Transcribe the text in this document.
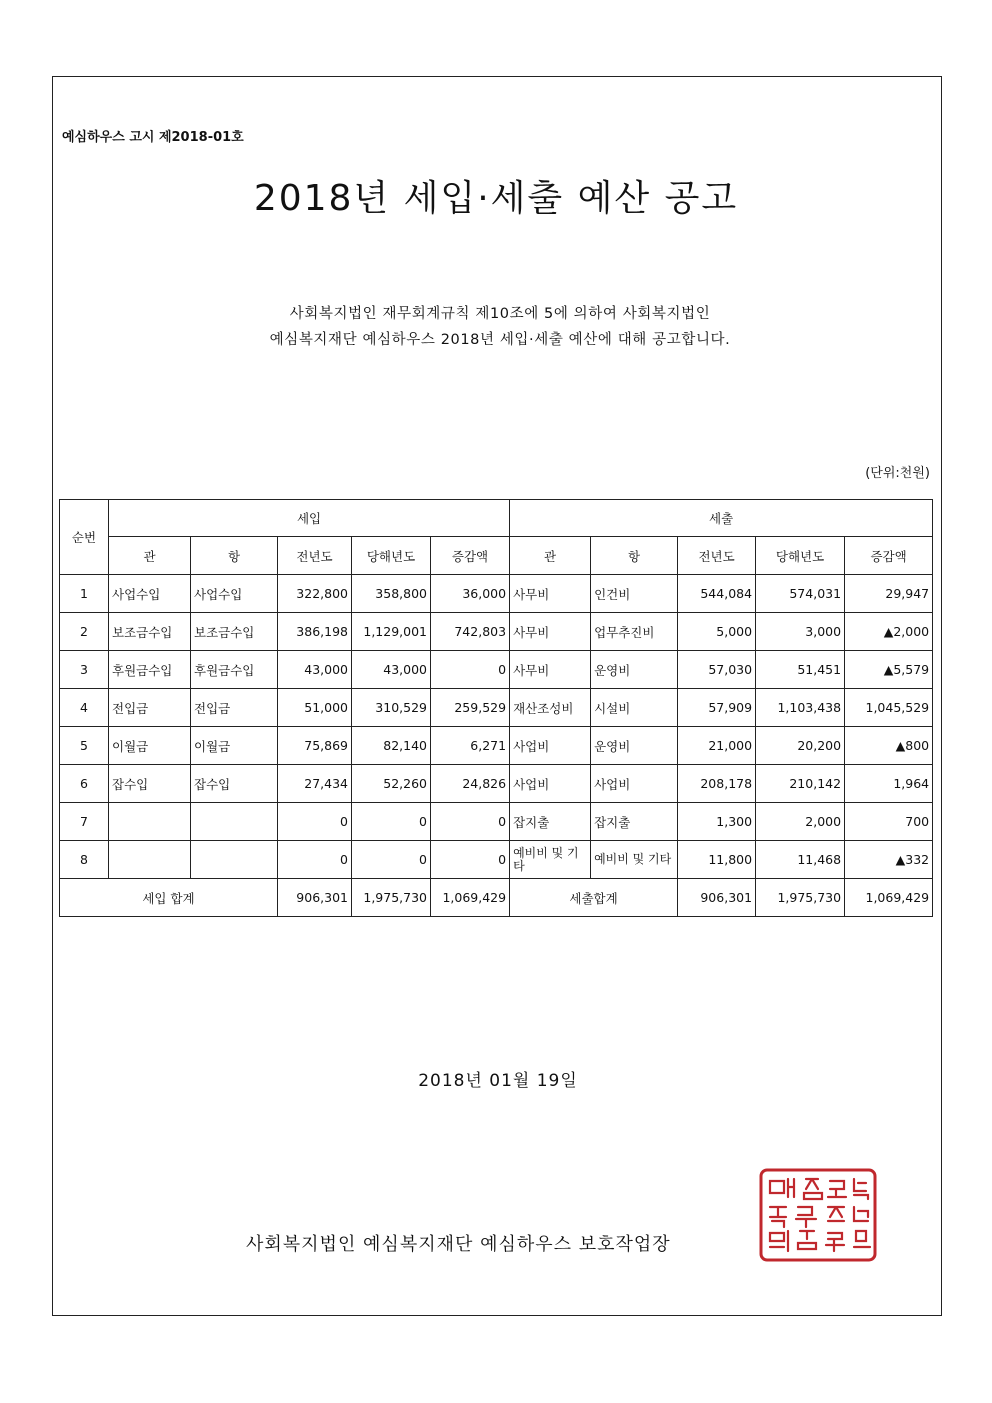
예심하우스 고시 제2018-01호
2018년 세입·세출 예산 공고
사회복지법인 재무회계규칙 제10조에 5에 의하여 사회복지법인
예심복지재단 예심하우스 2018년 세입·세출 예산에 대해 공고합니다.
(단위:천원)
순번	세입					세출				
	관	항	전년도	당해년도	증감액	관	항	전년도	당해년도	증감액
1	사업수입	사업수입	322,800	358,800	36,000	사무비	인건비	544,084	574,031	29,947
2	보조금수입	보조금수입	386,198	1,129,001	742,803	사무비	업무추진비	5,000	3,000	▲2,000
3	후원금수입	후원금수입	43,000	43,000	0	사무비	운영비	57,030	51,451	▲5,579
4	전입금	전입금	51,000	310,529	259,529	재산조성비	시설비	57,909	1,103,438	1,045,529
5	이월금	이월금	75,869	82,140	6,271	사업비	운영비	21,000	20,200	▲800
6	잡수입	잡수입	27,434	52,260	24,826	사업비	사업비	208,178	210,142	1,964
7			0	0	0	잡지출	잡지출	1,300	2,000	700
8			0	0	0	예비비 및 기타	예비비 및 기타	11,800	11,468	▲332
세입 합계			906,301	1,975,730	1,069,429	세출합계		906,301	1,975,730	1,069,429
2018년 01월 19일
사회복지법인 예심복지재단 예심하우스 보호작업장
